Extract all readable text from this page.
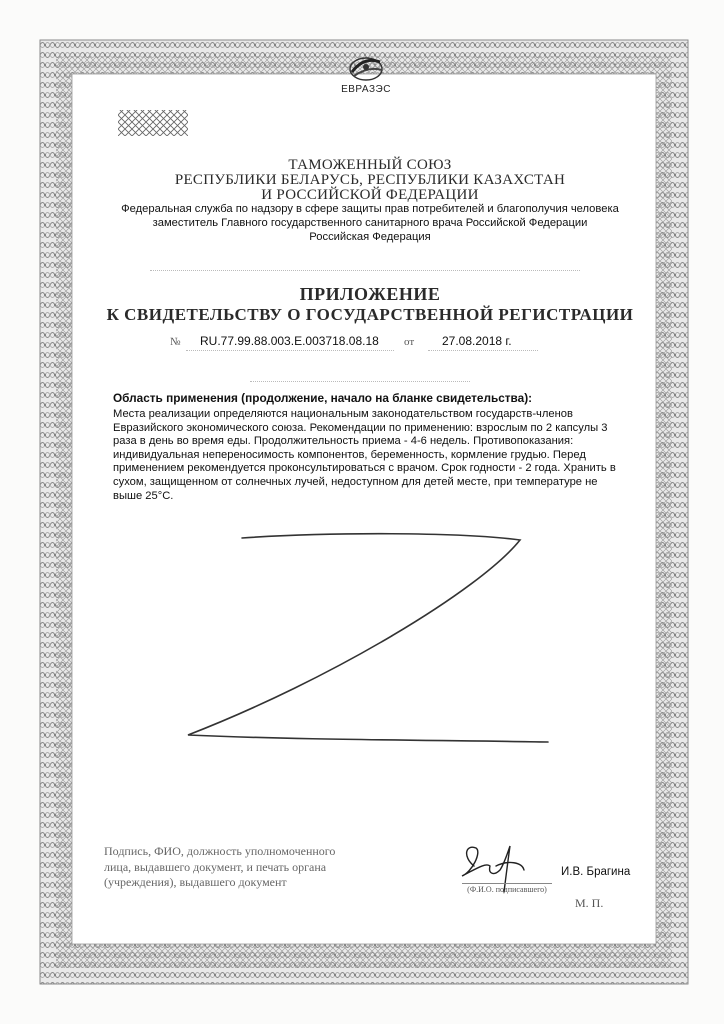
ЕВРАЗЭС
ТАМОЖЕННЫЙ СОЮЗ
РЕСПУБЛИКИ БЕЛАРУСЬ, РЕСПУБЛИКИ КАЗАХСТАН
И РОССИЙСКОЙ ФЕДЕРАЦИИ
Федеральная служба по надзору в сфере защиты прав потребителей и благополучия человека
заместитель Главного государственного санитарного врача Российской Федерации
Российская Федерация
ПРИЛОЖЕНИЕ
К СВИДЕТЕЛЬСТВУ О ГОСУДАРСТВЕННОЙ РЕГИСТРАЦИИ
№ RU.77.99.88.003.Е.003718.08.18 от 27.08.2018 г.
Область применения (продолжение, начало на бланке свидетельства):
Места реализации определяются национальным законодательством государств-членов
Евразийского экономического союза. Рекомендации по применению: взрослым по 2 капсулы 3
раза в день во время еды. Продолжительность приема - 4-6 недель. Противопоказания:
индивидуальная непереносимость компонентов, беременность, кормление грудью. Перед
применением рекомендуется проконсультироваться с врачом. Срок годности - 2 года. Хранить в
сухом, защищенном от солнечных лучей, недоступном для детей месте, при температуре не
выше 25°С.
Подпись, ФИО, должность уполномоченного
лица, выдавшего документ, и печать органа
(учреждения), выдавшего документ
И.В. Брагина
(Ф.И.О. подписавшего)
М. П.
